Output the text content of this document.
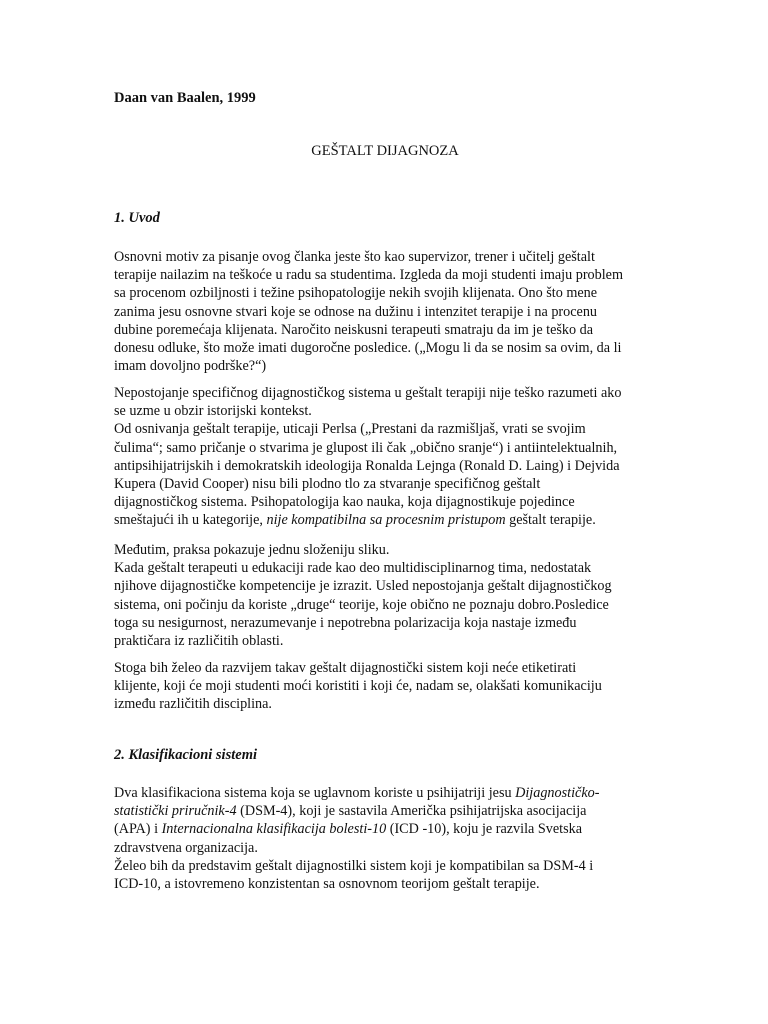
Daan van Baalen, 1999

GEŠTALT DIJAGNOZA

1. Uvod

Osnovni motiv za pisanje ovog članka jeste što kao supervizor, trener i učitelj geštalt
terapije nailazim na teškoće u radu sa studentima. Izgleda da moji studenti imaju problem
sa procenom ozbiljnosti i težine psihopatologije nekih svojih klijenata. Ono što mene
zanima jesu osnovne stvari koje se odnose na dužinu i intenzitet terapije i na procenu
dubine poremećaja klijenata. Naročito neiskusni terapeuti smatraju da im je teško da
donesu odluke, što može imati dugoročne posledice. („Mogu li da se nosim sa ovim, da li
imam dovoljno podrške?“)
Nepostojanje specifičnog dijagnostičkog sistema u geštalt terapiji nije teško razumeti ako
se uzme u obzir istorijski kontekst.
Od osnivanja geštalt terapije, uticaji Perlsa („Prestani da razmišljaš, vrati se svojim
čulima“; samo pričanje o stvarima je glupost ili čak „obično sranje“) i antiintelektualnih,
antipsihijatrijskih i demokratskih ideologija Ronalda Lejnga (Ronald D. Laing) i Dejvida
Kupera (David Cooper) nisu bili plodno tlo za stvaranje specifičnog geštalt
dijagnostičkog sistema. Psihopatologija kao nauka, koja dijagnostikuje pojedince
smeštajući ih u kategorije, nije kompatibilna sa procesnim pristupom geštalt terapije.
Međutim, praksa pokazuje jednu složeniju sliku.
Kada geštalt terapeuti u edukaciji rade kao deo multidisciplinarnog tima, nedostatak
njihove dijagnostičke kompetencije je izrazit. Usled nepostojanja geštalt dijagnostičkog
sistema, oni počinju da koriste „druge“ teorije, koje obično ne poznaju dobro.Posledice
toga su nesigurnost, nerazumevanje i nepotrebna polarizacija koja nastaje između
praktičara iz različitih oblasti.
Stoga bih želeo da razvijem takav geštalt dijagnostički sistem koji neće etiketirati
klijente, koji će moji studenti moći koristiti i koji će, nadam se, olakšati komunikaciju
između različitih disciplina.

2. Klasifikacioni sistemi

Dva klasifikaciona sistema koja se uglavnom koriste u psihijatriji jesu Dijagnostičko-
statistički priručnik-4 (DSM-4), koji je sastavila Američka psihijatrijska asocijacija
(APA) i Internacionalna klasifikacija bolesti-10 (ICD -10), koju je razvila Svetska
zdravstvena organizacija.
Želeo bih da predstavim geštalt dijagnostilki sistem koji je kompatibilan sa DSM-4 i
ICD-10, a istovremeno konzistentan sa osnovnom teorijom geštalt terapije.
